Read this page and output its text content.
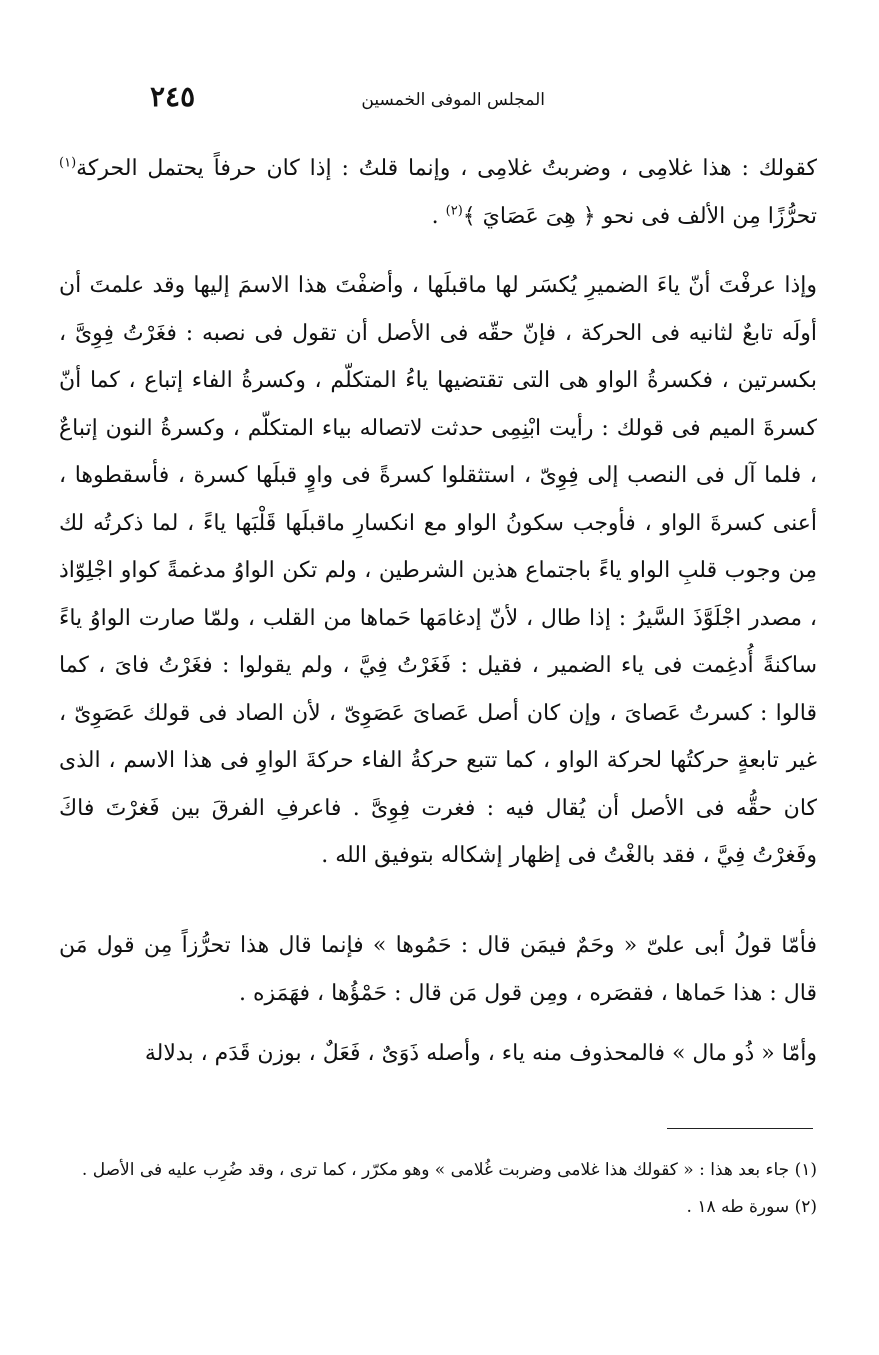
٢٤٥	المجلس الموفى الخمسين

كقولك : هذا غلامِى ، وضربتُ غلامِى ، وإنما قلتُ : إذا كان حرفاً يحتمل الحركة$^{(١)}$ تحرُّزًا مِن الألف فى نحو ﴿ هِىَ عَصَايَ ﴾$^{(٢)}$ .

وإذا عرفْتَ أنّ ياءَ الضميرِ يُكسَر لها ماقبلَها ، وأضفْتَ هذا الاسمَ إليها وقد علمتَ أن أولَه تابعٌ لثانيه فى الحركة ، فإنّ حقّه فى الأصل أن تقول فى نصبه : فغَرْتُ فِوِىَّ ، بكسرتين ، فكسرةُ الواو هى التى تقتضيها ياءُ المتكلّم ، وكسرةُ الفاء إتباع ، كما أنّ كسرةَ الميم فى قولك : رأيت ابْنِمِى حدثت لاتصاله بياء المتكلّم ، وكسرةُ النون إتباعٌ ، فلما آل فى النصب إلى فِوِىّ ، استثقلوا كسرةً فى واوٍ قبلَها كسرة ، فأسقطوها ، أعنى كسرةَ الواو ، فأوجب سكونُ الواو مع انكسارِ ماقبلَها قَلْبَها ياءً ، لما ذكرتُه لك مِن وجوب قلبِ الواو ياءً باجتماع هذين الشرطين ، ولم تكن الواوُ مدغمةً كواو اجْلِوّاذ ، مصدر اجْلَوَّذَ السَّيرُ : إذا طال ، لأنّ إدغامَها حَماها من القلب ، ولمّا صارت الواوُ ياءً ساكنةً أُدغِمت فى ياء الضمير ، فقيل : فَغَرْتُ فِيَّ ، ولم يقولوا : فغَرْتُ فاىَ ، كما قالوا : كسرتُ عَصاىَ ، وإن كان أصل عَصاىَ عَصَوِىّ ، لأن الصاد فى قولك عَصَوِىّ ، غير تابعةٍ حركتُها لحركة الواو ، كما تتبع حركةُ الفاء حركةَ الواوِ فى هذا الاسم ، الذى كان حقُّه فى الأصل أن يُقال فيه : فغرت فِوِىَّ . فاعرفِ الفرقَ بين فَغرْتَ فاكَ وفَغرْتُ فِيَّ ، فقد بالغْتُ فى إظهار إشكاله بتوفيق الله .

فأمّا قولُ أبى علىّ « وحَمٌ فيمَن قال : حَمُوها » فإنما قال هذا تحرُّزاً مِن قول مَن قال : هذا حَماها ، فقصَره ، ومِن قول مَن قال : حَمْؤُها ، فهَمَزه .

وأمّا « ذُو مال » فالمحذوف منه ياء ، وأصله ذَوَىٌ ، فَعَلٌ ، بوزن قَدَم ، بدلالة

(١) جاء بعد هذا : « كقولك هذا غلامى وضربت غُلامى » وهو مكرّر ، كما ترى ، وقد ضُرِب عليه فى الأصل .

(٢) سورة طه ١٨ .
